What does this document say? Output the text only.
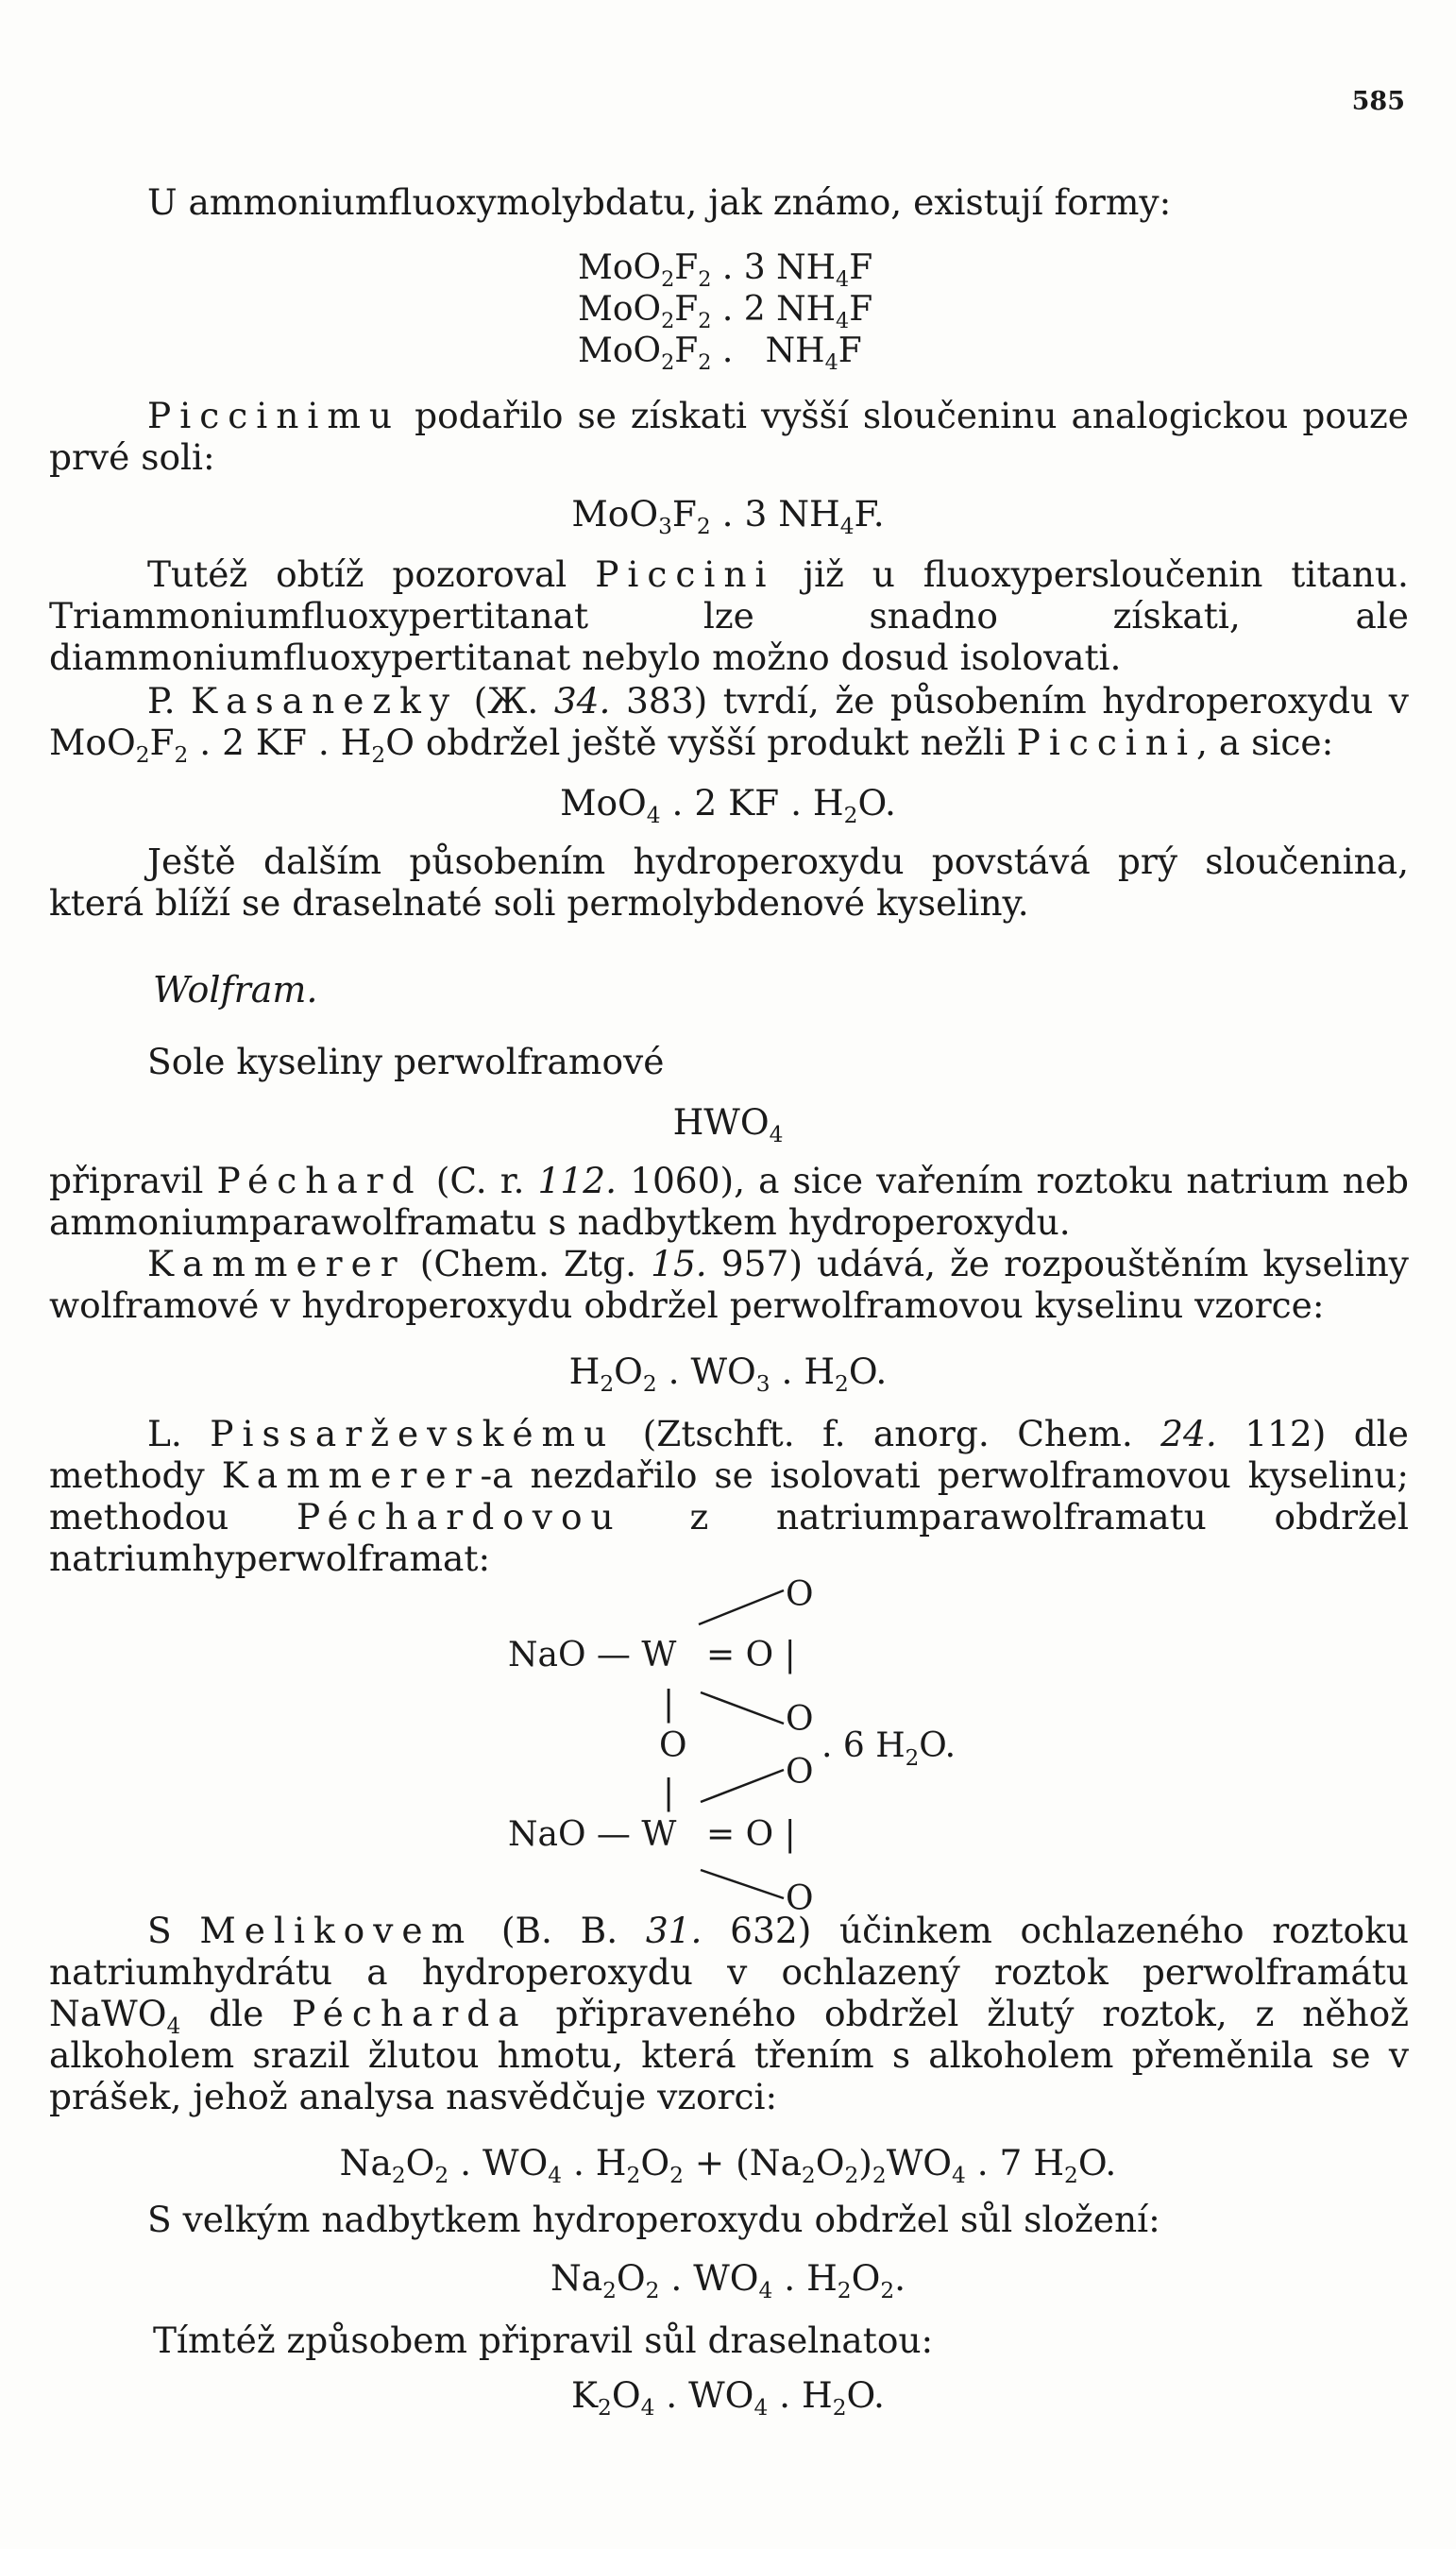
585
U ammoniumfluoxymolybdatu, jak známo, existují formy:
$MoO_2F_2$ . 3 $NH_4F$
$MoO_2F_2$ . 2 $NH_4F$
$MoO_2F_2$ .   $NH_4F$
Piccinimu podařilo se získati vyšší sloučeninu analogickou pouze prvé soli:
$MoO_3F_2$ . 3 $NH_4F$.
Tutéž obtíž pozoroval Piccini již u fluoxypersloučenin titanu. Triammoniumfluoxypertitanat lze snadno získati, ale diammoniumfluoxypertitanat nebylo možno dosud isolovati.
P. Kasanezky (Ж. 34. 383) tvrdí, že působením hydroperoxydu v $MoO_2F_2$ . 2 KF . $H_2O$ obdržel ještě vyšší produkt nežli Piccini, a sice:
MoO$_4$ . 2 KF . $H_2O$.
Ještě dalším působením hydroperoxydu povstává prý sloučenina, která blíží se draselnaté soli permolybdenové kyseliny.
Wolfram.
Sole kyseliny perwolframové
$HWO_4$
připravil Péchard (C. r. 112. 1060), a sice vařením roztoku natrium neb ammoniumparawolframatu s nadbytkem hydroperoxydu.
Kammerer (Chem. Ztg. 15. 957) udává, že rozpouštěním kyseliny wolframové v hydroperoxydu obdržel perwolframovou kyselinu vzorce:
$H_2O_2$ . $WO_3$ . $H_2O$.
L. Pissarževskému (Ztschft. f. anorg. Chem. 24. 112) dle methody Kammerer-a nezdařilo se isolovati perwolframovou kyselinu; methodou Péchardovou z natriumparawolframatu obdržel natriumhyperwolframat:
O
NaO — W = O |
|	O
O	. 6 $H_2O$.
O
|
NaO — W = O |
O
S Melikovem (B. B. 31. 632) účinkem ochlazeného roztoku natriumhydrátu a hydroperoxydu v ochlazený roztok perwolframátu NaWO$_4$ dle Pécharda připraveného obdržel žlutý roztok, z něhož alkoholem srazil žlutou hmotu, která třením s alkoholem přeměnila se v prášek, jehož analysa nasvědčuje vzorci:
$Na_2O_2$ . $WO_4$ . $H_2O_2 + (Na_2O_2)_2WO_4$ . 7 $H_2O$.
S velkým nadbytkem hydroperoxydu obdržel sůl složení:
$Na_2O_2$ . $WO_4$ . $H_2O_2$.
Tímtéž způsobem připravil sůl draselnatou:
$K_2O_4$ . $WO_4$ . $H_2O$.
